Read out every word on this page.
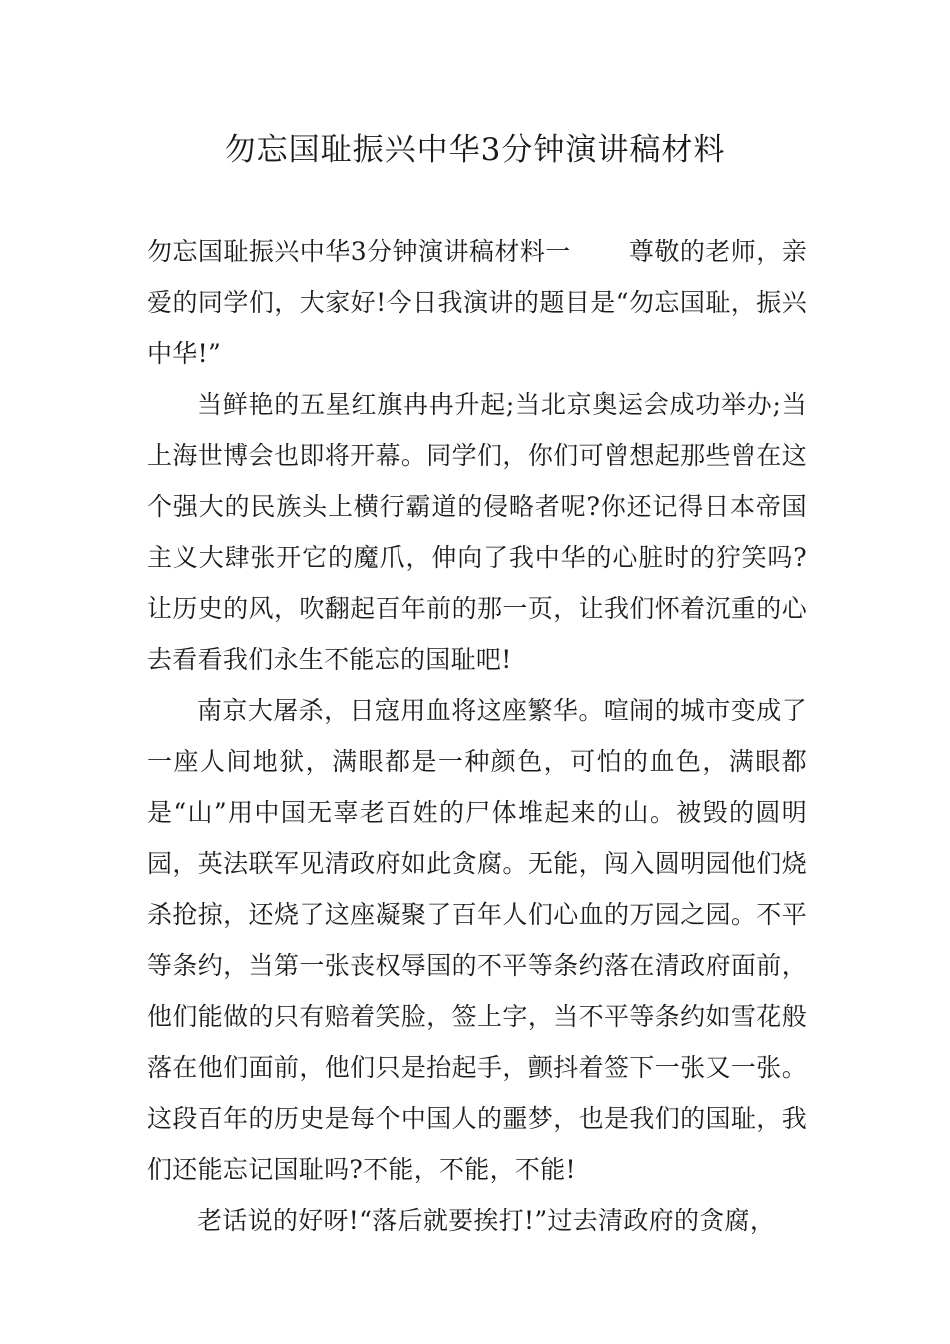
勿忘国耻振兴中华3分钟演讲稿材料

勿忘国耻振兴中华3分钟演讲稿材料一 尊敬的老师，亲爱的同学们，大家好!今日我演讲的题目是“勿忘国耻，振兴中华!”

当鲜艳的五星红旗冉冉升起;当北京奥运会成功举办;当上海世博会也即将开幕。同学们，你们可曾想起那些曾在这个强大的民族头上横行霸道的侵略者呢?你还记得日本帝国主义大肆张开它的魔爪，伸向了我中华的心脏时的狞笑吗?让历史的风，吹翻起百年前的那一页，让我们怀着沉重的心去看看我们永生不能忘的国耻吧!

南京大屠杀，日寇用血将这座繁华。喧闹的城市变成了一座人间地狱，满眼都是一种颜色，可怕的血色，满眼都是“山”用中国无辜老百姓的尸体堆起来的山。被毁的圆明园，英法联军见清政府如此贪腐。无能，闯入圆明园他们烧杀抢掠，还烧了这座凝聚了百年人们心血的万园之园。不平等条约，当第一张丧权辱国的不平等条约落在清政府面前，他们能做的只有赔着笑脸，签上字，当不平等条约如雪花般落在他们面前，他们只是抬起手，颤抖着签下一张又一张。这段百年的历史是每个中国人的噩梦，也是我们的国耻，我们还能忘记国耻吗?不能，不能，不能!

老话说的好呀!“落后就要挨打!”过去清政府的贪腐，
